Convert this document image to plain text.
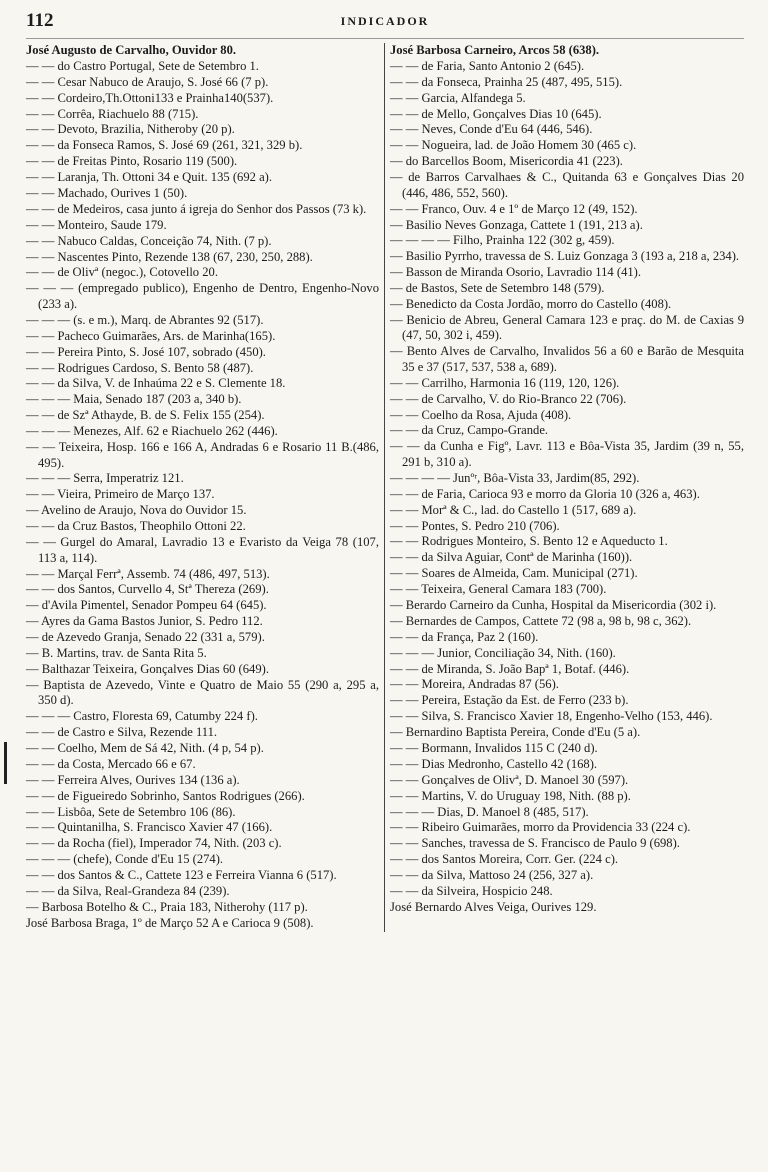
112	INDICADOR

José Augusto de Carvalho, Ouvidor 80.

— — do Castro Portugal, Sete de Setembro 1.

— — Cesar Nabuco de Araujo, S. José 66 (7 p).

— — Cordeiro,Th.Ottoni133 e Prainha140(537).

— — Corrêa, Riachuelo 88 (715).

— — Devoto, Brazilia, Nitheroby (20 p).

— — da Fonseca Ramos, S. José 69 (261, 321, 329 b).

— — de Freitas Pinto, Rosario 119 (500).

— — Laranja, Th. Ottoni 34 e Quit. 135 (692 a).

— — Machado, Ourives 1 (50).

— — de Medeiros, casa junto á igreja do Senhor dos Passos (73 k).

— — Monteiro, Saude 179.

— — Nabuco Caldas, Conceição 74, Nith. (7 p).

— — Nascentes Pinto, Rezende 138 (67, 230, 250, 288).

— — de Olivª (negoc.), Cotovello 20.

— — — (empregado publico), Engenho de Dentro, Engenho-Novo (233 a).

— — — (s. e m.), Marq. de Abrantes 92 (517).

— — Pacheco Guimarães, Ars. de Marinha(165).

— — Pereira Pinto, S. José 107, sobrado (450).

— — Rodrigues Cardoso, S. Bento 58 (487).

— — da Silva, V. de Inhaúma 22 e S. Clemente 18.

— — — Maia, Senado 187 (203 a, 340 b).

— — de Szª Athayde, B. de S. Felix 155 (254).

— — — Menezes, Alf. 62 e Riachuelo 262 (446).

— — Teixeira, Hosp. 166 e 166 A, Andradas 6 e Rosario 11 B.(486, 495).

— — — Serra, Imperatriz 121.

— — Vieira, Primeiro de Março 137.

— Avelino de Araujo, Nova do Ouvidor 15.

— — da Cruz Bastos, Theophilo Ottoni 22.

— — Gurgel do Amaral, Lavradio 13 e Evaristo da Veiga 78 (107, 113 a, 114).

— — Marçal Ferrª, Assemb. 74 (486, 497, 513).

— — dos Santos, Curvello 4, Stª Thereza (269).

— d'Avila Pimentel, Senador Pompeu 64 (645).

— Ayres da Gama Bastos Junior, S. Pedro 112.

— de Azevedo Granja, Senado 22 (331 a, 579).

— B. Martins, trav. de Santa Rita 5.

— Balthazar Teixeira, Gonçalves Dias 60 (649).

— Baptista de Azevedo, Vinte e Quatro de Maio 55 (290 a, 295 a, 350 d).

— — — Castro, Floresta 69, Catumby 224 f).

— — de Castro e Silva, Rezende 111.

— — Coelho, Mem de Sá 42, Nith. (4 p, 54 p).

— — da Costa, Mercado 66 e 67.

— — Ferreira Alves, Ourives 134 (136 a).

— — de Figueiredo Sobrinho, Santos Rodrigues (266).

— — Lisbôa, Sete de Setembro 106 (86).

— — Quintanilha, S. Francisco Xavier 47 (166).

— — da Rocha (fiel), Imperador 74, Nith. (203 c).

— — — (chefe), Conde d'Eu 15 (274).

— — dos Santos & C., Cattete 123 e Ferreira Vianna 6 (517).

— — da Silva, Real-Grandeza 84 (239).

— Barbosa Botelho & C., Praia 183, Nitherohy (117 p).

José Barbosa Braga, 1º de Março 52 A e Carioca 9 (508).

José Barbosa Carneiro, Arcos 58 (638).

— — de Faria, Santo Antonio 2 (645).

— — da Fonseca, Prainha 25 (487, 495, 515).

— — Garcia, Alfandega 5.

— — de Mello, Gonçalves Dias 10 (645).

— — Neves, Conde d'Eu 64 (446, 546).

— — Nogueira, lad. de João Homem 30 (465 c).

— do Barcellos Boom, Misericordia 41 (223).

— de Barros Carvalhaes & C., Quitanda 63 e Gonçalves Dias 20 (446, 486, 552, 560).

— — Franco, Ouv. 4 e 1º de Março 12 (49, 152).

— Basilio Neves Gonzaga, Cattete 1 (191, 213 a).

— — — — Filho, Prainha 122 (302 g, 459).

— Basilio Pyrrho, travessa de S. Luiz Gonzaga 3 (193 a, 218 a, 234).

— Basson de Miranda Osorio, Lavradio 114 (41).

— de Bastos, Sete de Setembro 148 (579).

— Benedicto da Costa Jordão, morro do Castello (408).

— Benicio de Abreu, General Camara 123 e praç. do M. de Caxias 9 (47, 50, 302 i, 459).

— Bento Alves de Carvalho, Invalidos 56 a 60 e Barão de Mesquita 35 e 37 (517, 537, 538 a, 689).

— — Carrilho, Harmonia 16 (119, 120, 126).

— — de Carvalho, V. do Rio-Branco 22 (706).

— — Coelho da Rosa, Ajuda (408).

— — da Cruz, Campo-Grande.

— — da Cunha e Figº, Lavr. 113 e Bôa-Vista 35, Jardim (39 n, 55, 291 b, 310 a).

— — — — Junºʳ, Bôa-Vista 33, Jardim(85, 292).

— — de Faria, Carioca 93 e morro da Gloria 10 (326 a, 463).

— — Morª & C., lad. do Castello 1 (517, 689 a).

— — Pontes, S. Pedro 210 (706).

— — Rodrigues Monteiro, S. Bento 12 e Aqueducto 1.

— — da Silva Aguiar, Contª de Marinha (160)).

— — Soares de Almeida, Cam. Municipal (271).

— — Teixeira, General Camara 183 (700).

— Berardo Carneiro da Cunha, Hospital da Misericordia (302 i).

— Bernardes de Campos, Cattete 72 (98 a, 98 b, 98 c, 362).

— — da França, Paz 2 (160).

— — — Junior, Conciliação 34, Nith. (160).

— — de Miranda, S. João Bapª 1, Botaf. (446).

— — Moreira, Andradas 87 (56).

— — Pereira, Estação da Est. de Ferro (233 b).

— — Silva, S. Francisco Xavier 18, Engenho-Velho (153, 446).

— Bernardino Baptista Pereira, Conde d'Eu (5 a).

— — Bormann, Invalidos 115 C (240 d).

— — Dias Medronho, Castello 42 (168).

— — Gonçalves de Olivª, D. Manoel 30 (597).

— — Martins, V. do Uruguay 198, Nith. (88 p).

— — — Dias, D. Manoel 8 (485, 517).

— — Ribeiro Guimarães, morro da Providencia 33 (224 c).

— — Sanches, travessa de S. Francisco de Paulo 9 (698).

— — dos Santos Moreira, Corr. Ger. (224 c).

— — da Silva, Mattoso 24 (256, 327 a).

— — da Silveira, Hospicio 248.

José Bernardo Alves Veiga, Ourives 129.
